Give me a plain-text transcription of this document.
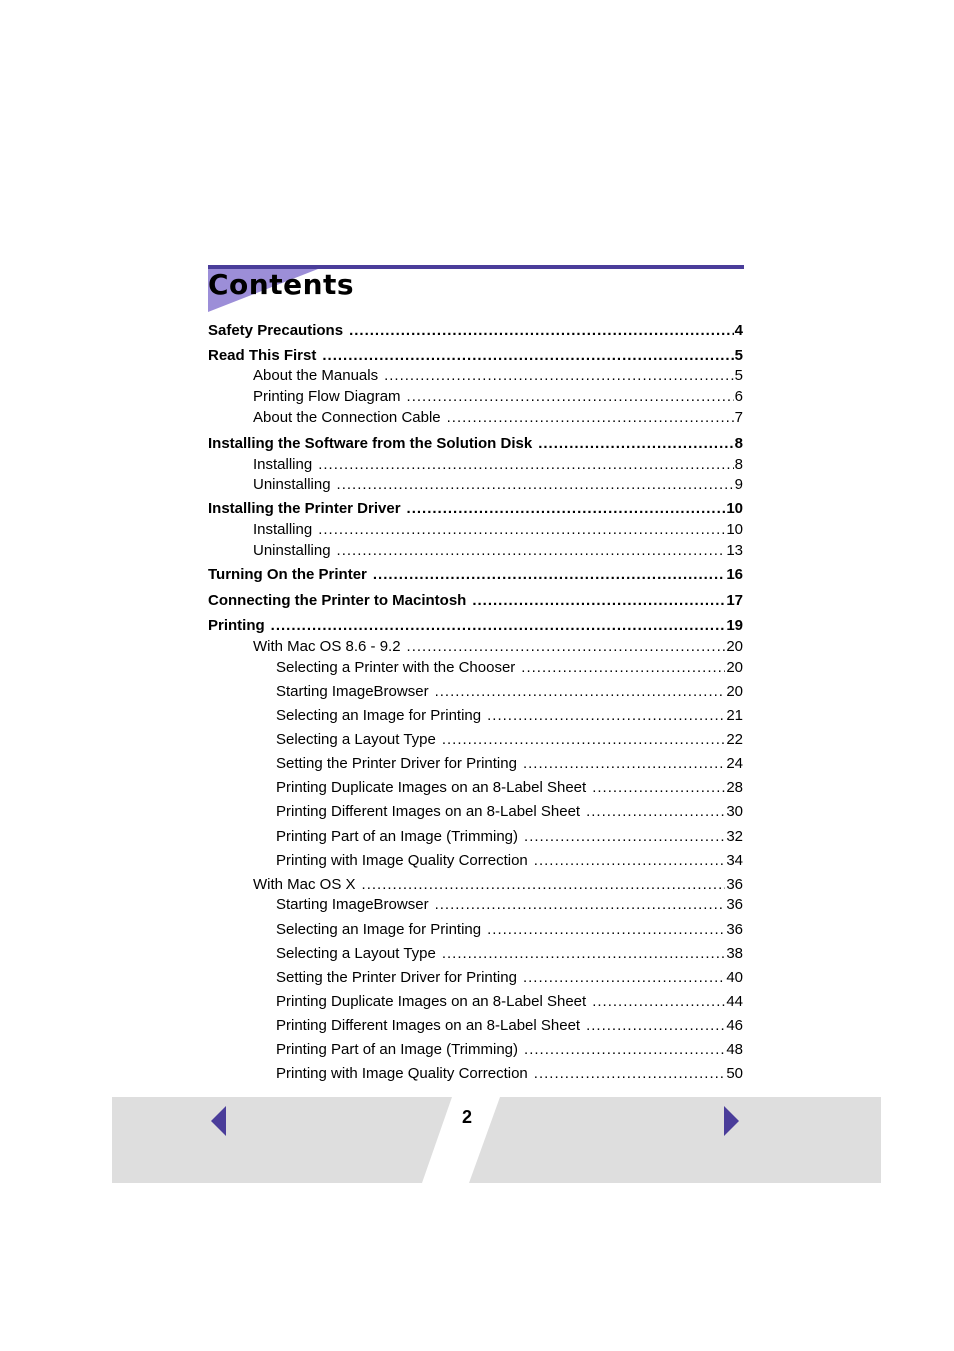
Contents
Safety Precautions .....	4
Read This First .....	5
About the Manuals .....	5
Printing Flow Diagram .....	6
About the Connection Cable .....	7
Installing the Software from the Solution Disk .....	8
Installing .....	8
Uninstalling .....	9
Installing the Printer Driver .....	10
Installing .....	10
Uninstalling .....	13
Turning On the Printer .....	16
Connecting the Printer to Macintosh .....	17
Printing .....	19
With Mac OS 8.6 - 9.2 .....	20
Selecting a Printer with the Chooser .....	20
Starting ImageBrowser .....	20
Selecting an Image for Printing .....	21
Selecting a Layout Type .....	22
Setting the Printer Driver for Printing .....	24
Printing Duplicate Images on an 8-Label Sheet .....	28
Printing Different Images on an 8-Label Sheet .....	30
Printing Part of an Image (Trimming) .....	32
Printing with Image Quality Correction .....	34
With Mac OS X .....	36
Starting ImageBrowser .....	36
Selecting an Image for Printing .....	36
Selecting a Layout Type .....	38
Setting the Printer Driver for Printing .....	40
Printing Duplicate Images on an 8-Label Sheet .....	44
Printing Different Images on an 8-Label Sheet .....	46
Printing Part of an Image (Trimming) .....	48
Printing with Image Quality Correction .....	50
2
